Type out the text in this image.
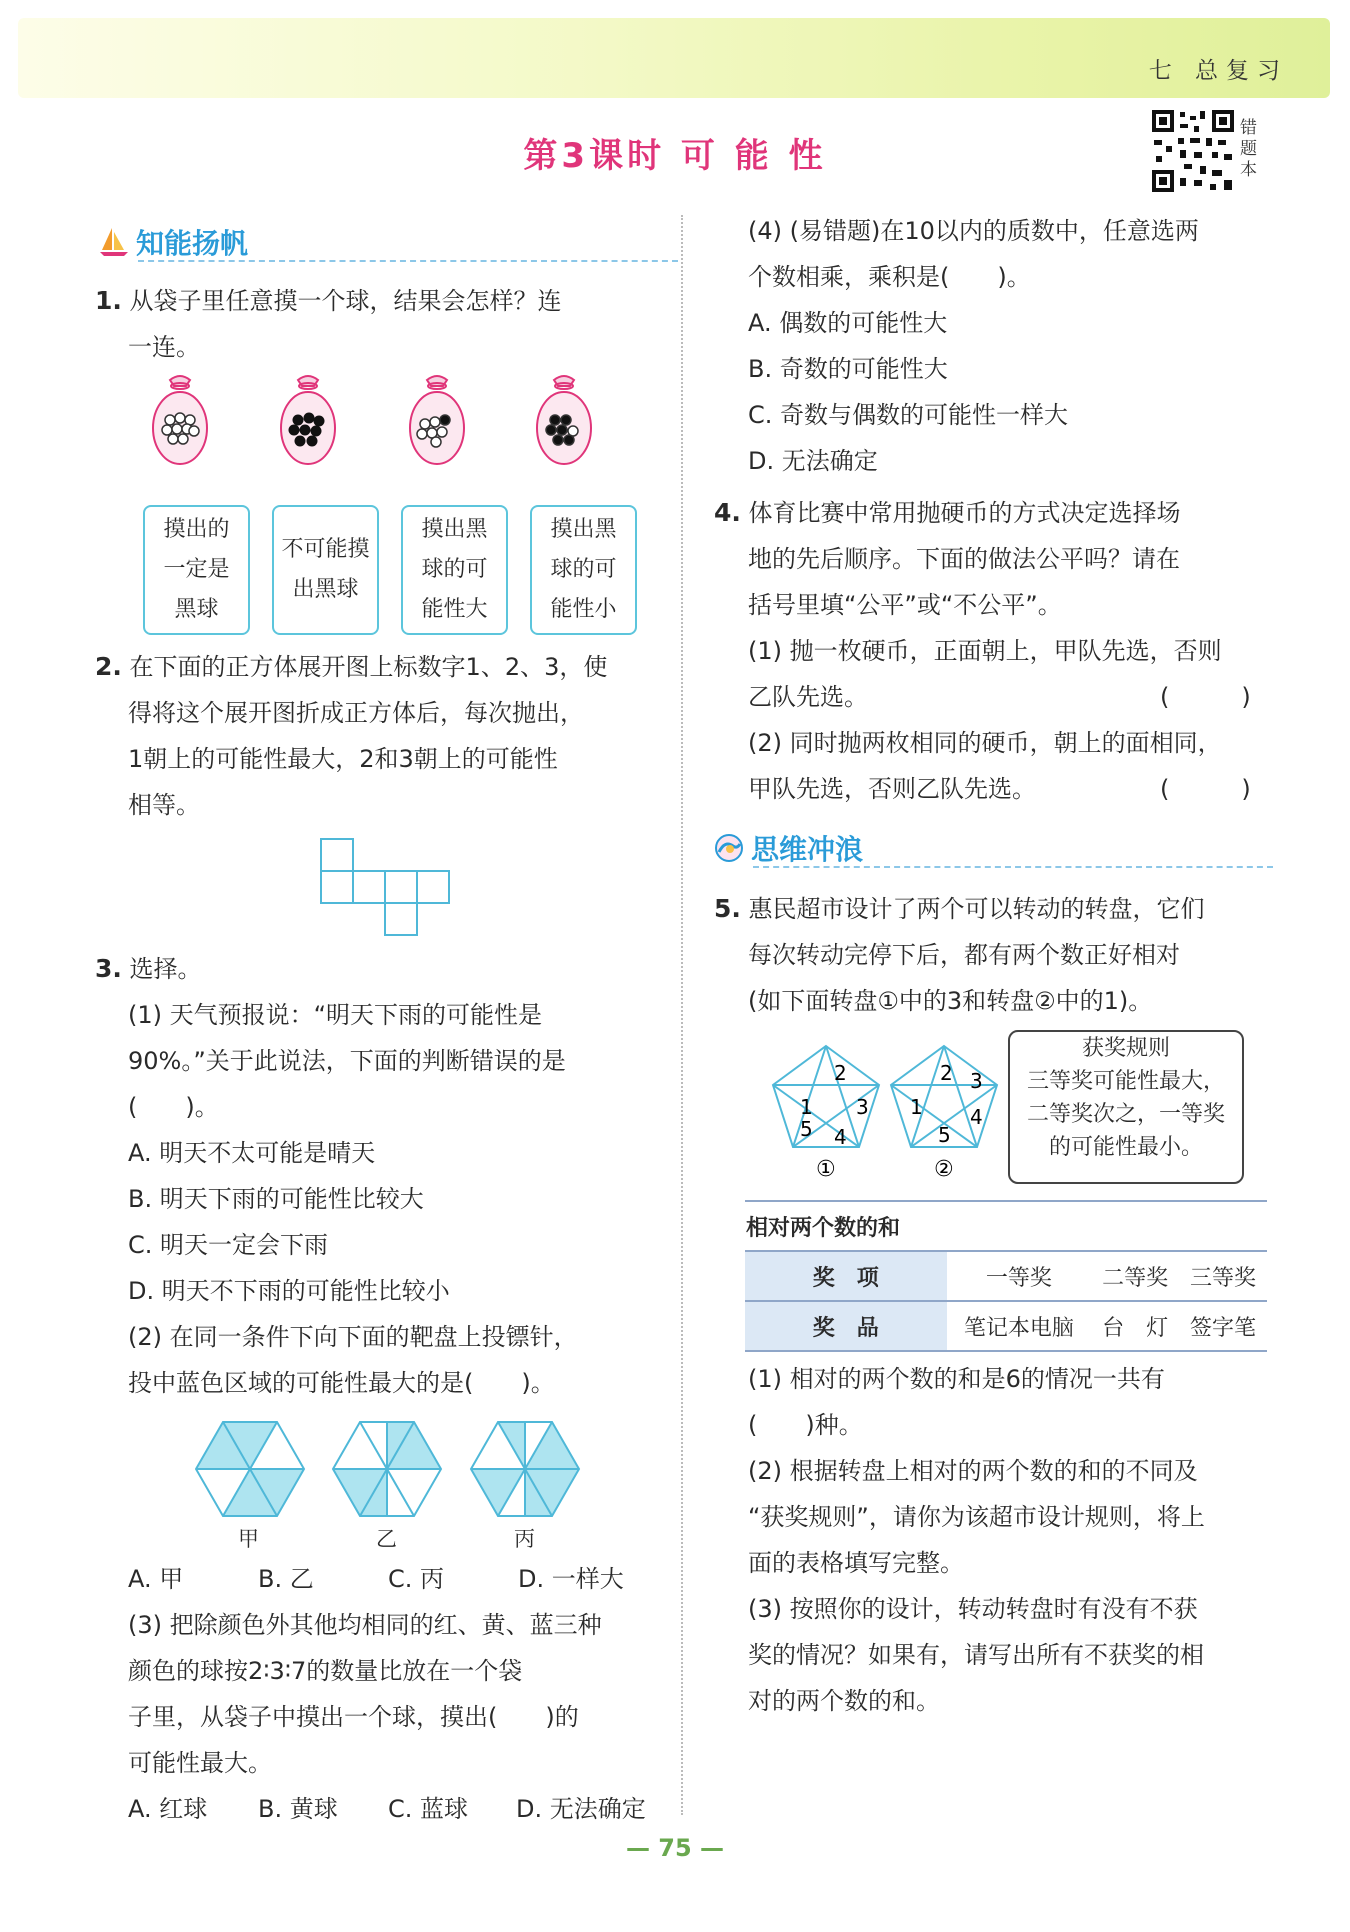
七 总复习
第3课时 可 能 性
错题本
知能扬帆
1. 从袋子里任意摸一个球，结果会怎样？连
一连。
摸出的
一定是
黑球
不可能摸
出黑球
摸出黑
球的可
能性大
摸出黑
球的可
能性小
2. 在下面的正方体展开图上标数字1、2、3，使
得将这个展开图折成正方体后，每次抛出，
1朝上的可能性最大，2和3朝上的可能性
相等。
3. 选择。
(1) 天气预报说：“明天下雨的可能性是
90%。”关于此说法，下面的判断错误的是
(　　)。
A. 明天不太可能是晴天
B. 明天下雨的可能性比较大
C. 明天一定会下雨
D. 明天不下雨的可能性比较小
(2) 在同一条件下向下面的靶盘上投镖针，
投中蓝色区域的可能性最大的是(　　)。
甲	乙	丙
A. 甲	B. 乙	C. 丙	D. 一样大
(3) 把除颜色外其他均相同的红、黄、蓝三种
颜色的球按2∶3∶7的数量比放在一个袋
子里，从袋子中摸出一个球，摸出(　　)的
可能性最大。
A. 红球 B. 黄球 C. 蓝球 D. 无法确定
(4) (易错题)在10以内的质数中，任意选两
个数相乘，乘积是(　　)。
A. 偶数的可能性大
B. 奇数的可能性大
C. 奇数与偶数的可能性一样大
D. 无法确定
4. 体育比赛中常用抛硬币的方式决定选择场
地的先后顺序。下面的做法公平吗？请在
括号里填“公平”或“不公平”。
(1) 抛一枚硬币，正面朝上，甲队先选，否则
乙队先选。	(　　　)
(2) 同时抛两枚相同的硬币，朝上的面相同，
甲队先选，否则乙队先选。	(　　　)
思维冲浪
5. 惠民超市设计了两个可以转动的转盘，它们
每次转动完停下后，都有两个数正好相对
(如下面转盘①中的3和转盘②中的1)。
1
2
3
4
5
1
2 3
4
5
①	②
获奖规则
三等奖可能性最大，
二等奖次之，一等奖
的可能性最小。
相对两个数的和			
奖　项	一等奖	二等奖	三等奖
奖　品	笔记本电脑	台　灯	签字笔
(1) 相对的两个数的和是6的情况一共有
(　　)种。
(2) 根据转盘上相对的两个数的和的不同及
“获奖规则”，请你为该超市设计规则，将上
面的表格填写完整。
(3) 按照你的设计，转动转盘时有没有不获
奖的情况？如果有，请写出所有不获奖的相
对的两个数的和。
— 75 —
